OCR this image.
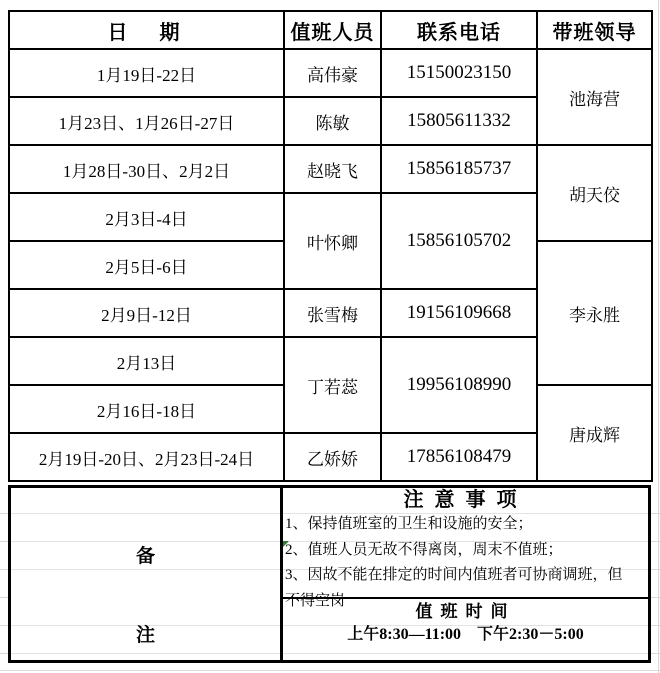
日　期	值班人员	联系电话	带班领导
1月19日-22日	高伟豪	15150023150	池海营
1月23日、1月26日-27日	陈敏	15805611332	
1月28日-30日、2月2日	赵晓飞	15856185737	胡天佼
2月3日-4日	叶怀卿	15856105702	
2月5日-6日			李永胜
2月9日-12日	张雪梅	19156109668	
2月13日	丁若蕊	19956108990	
2月16日-18日			唐成辉
2月19日-20日、2月23日-24日	乙娇娇	17856108479	
备
注
注意事项
1、保持值班室的卫生和设施的安全；
2、值班人员无故不得离岗，周末不值班；
3、因故不能在排定的时间内值班者可协商调班，但
不得空岗
值班时间
上午8:30—11:00　下午2:30－5:00
